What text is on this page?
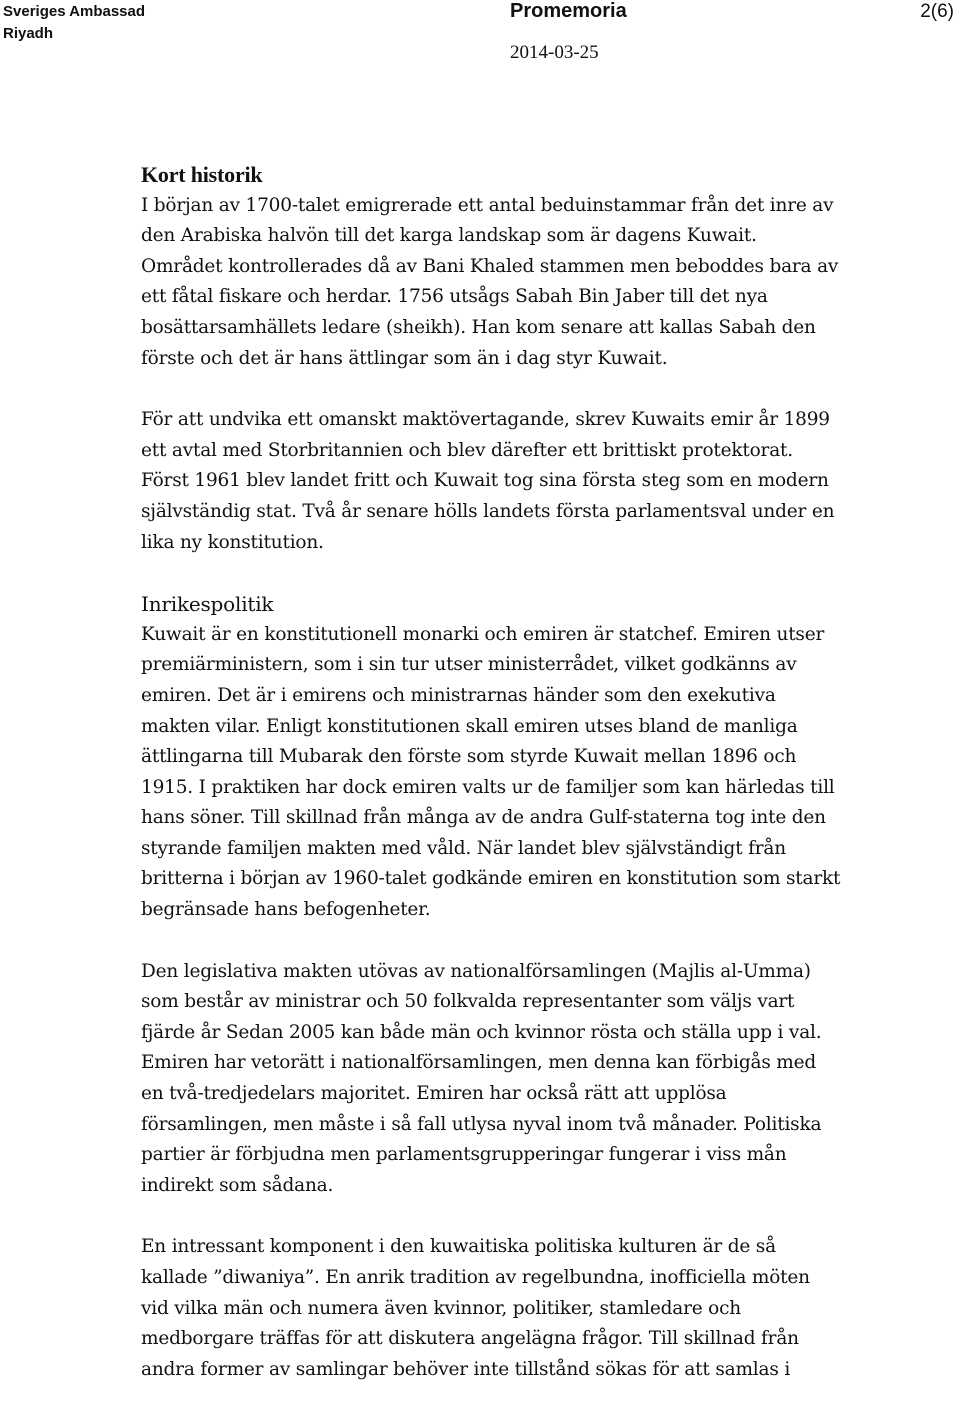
Sveriges Ambassad
Riyadh
Promemoria
2014-03-25
2(6)
Kort historik

I början av 1700-talet emigrerade ett antal beduinstammar från det inre av den Arabiska halvön till det karga landskap som är dagens Kuwait. Området kontrollerades då av Bani Khaled stammen men beboddes bara av ett fåtal fiskare och herdar. 1756 utsågs Sabah Bin Jaber till det nya bosättarsamhällets ledare (sheikh). Han kom senare att kallas Sabah den förste och det är hans ättlingar som än i dag styr Kuwait.

För att undvika ett omanskt maktövertagande, skrev Kuwaits emir år 1899 ett avtal med Storbritannien och blev därefter ett brittiskt protektorat. Först 1961 blev landet fritt och Kuwait tog sina första steg som en modern självständig stat. Två år senare hölls landets första parlamentsval under en lika ny konstitution.

Inrikespolitik

Kuwait är en konstitutionell monarki och emiren är statchef. Emiren utser premiärministern, som i sin tur utser ministerrådet, vilket godkänns av emiren. Det är i emirens och ministrarnas händer som den exekutiva makten vilar. Enligt konstitutionen skall emiren utses bland de manliga ättlingarna till Mubarak den förste som styrde Kuwait mellan 1896 och 1915. I praktiken har dock emiren valts ur de familjer som kan härledas till hans söner. Till skillnad från många av de andra Gulf-staterna tog inte den styrande familjen makten med våld. När landet blev självständigt från britterna i början av 1960-talet godkände emiren en konstitution som starkt begränsade hans befogenheter.

Den legislativa makten utövas av nationalförsamlingen (Majlis al-Umma) som består av ministrar och 50 folkvalda representanter som väljs vart fjärde år Sedan 2005 kan både män och kvinnor rösta och ställa upp i val. Emiren har vetorätt i nationalförsamlingen, men denna kan förbigås med en två-tredjedelars majoritet. Emiren har också rätt att upplösa församlingen, men måste i så fall utlysa nyval inom två månader. Politiska partier är förbjudna men parlamentsgrupperingar fungerar i viss mån indirekt som sådana.

En intressant komponent i den kuwaitiska politiska kulturen är de så kallade ”diwaniya”. En anrik tradition av regelbundna, inofficiella möten vid vilka män och numera även kvinnor, politiker, stamledare och medborgare träffas för att diskutera angelägna frågor. Till skillnad från andra former av samlingar behöver inte tillstånd sökas för att samlas i
